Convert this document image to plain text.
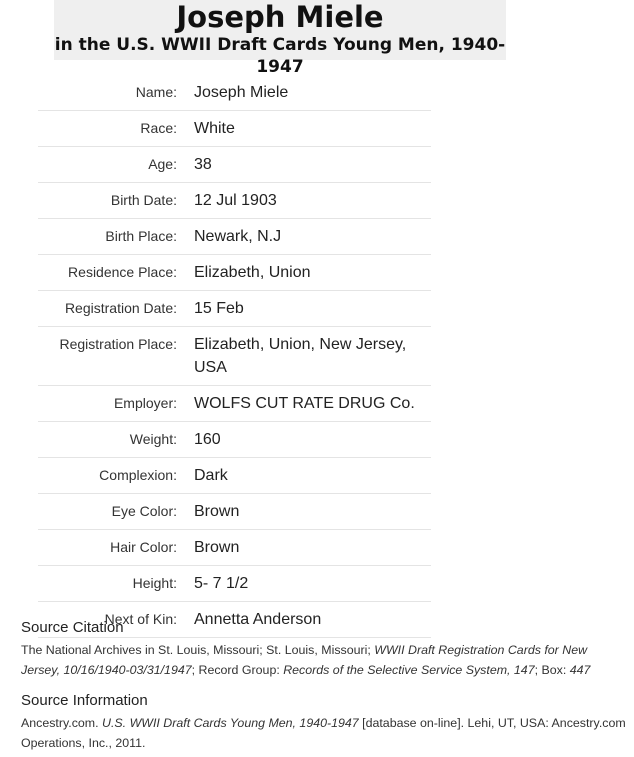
Joseph Miele
in the U.S. WWII Draft Cards Young Men, 1940-1947
Name:	Joseph Miele
Race:	White
Age:	38
Birth Date:	12 Jul 1903
Birth Place:	Newark, N.J
Residence Place:	Elizabeth, Union
Registration Date:	15 Feb
Registration Place:	Elizabeth, Union, New Jersey, USA
Employer:	WOLFS CUT RATE DRUG Co.
Weight:	160
Complexion:	Dark
Eye Color:	Brown
Hair Color:	Brown
Height:	5- 7 1/2
Next of Kin:	Annetta Anderson
Source Citation

The National Archives in St. Louis, Missouri; St. Louis, Missouri; WWII Draft Registration Cards for New Jersey, 10/16/1940-03/31/1947; Record Group: Records of the Selective Service System, 147; Box: 447

Source Information

Ancestry.com. U.S. WWII Draft Cards Young Men, 1940-1947 [database on-line]. Lehi, UT, USA: Ancestry.com Operations, Inc., 2011.
